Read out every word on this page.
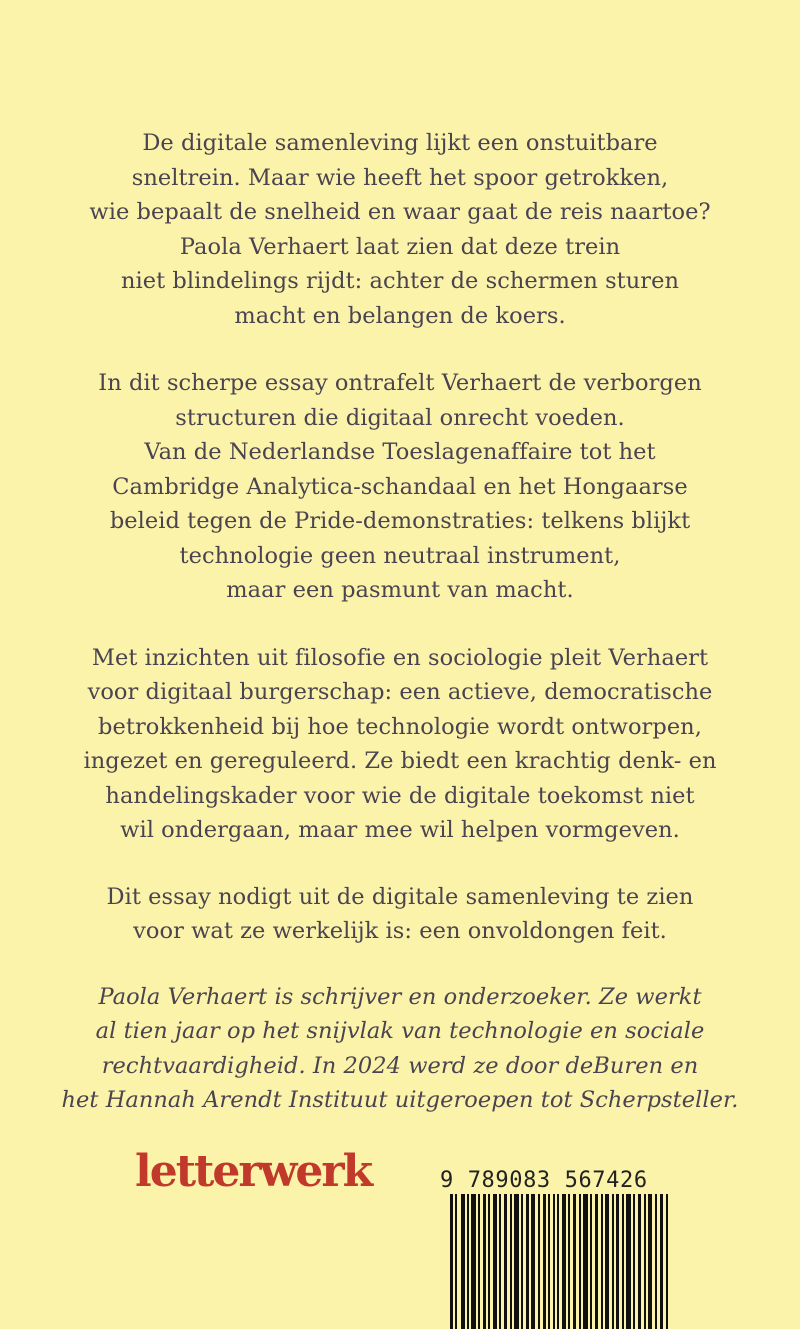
De digitale samenleving lijkt een onstuitbare
sneltrein. Maar wie heeft het spoor getrokken,
wie bepaalt de snelheid en waar gaat de reis naartoe?
Paola Verhaert laat zien dat deze trein
niet blindelings rijdt: achter de schermen sturen
macht en belangen de koers.
In dit scherpe essay ontrafelt Verhaert de verborgen
structuren die digitaal onrecht voeden.
Van de Nederlandse Toeslagenaffaire tot het
Cambridge Analytica-schandaal en het Hongaarse
beleid tegen de Pride-demonstraties: telkens blijkt
technologie geen neutraal instrument,
maar een pasmunt van macht.
Met inzichten uit filosofie en sociologie pleit Verhaert
voor digitaal burgerschap: een actieve, democratische
betrokkenheid bij hoe technologie wordt ontworpen,
ingezet en gereguleerd. Ze biedt een krachtig denk- en
handelingskader voor wie de digitale toekomst niet
wil ondergaan, maar mee wil helpen vormgeven.
Dit essay nodigt uit de digitale samenleving te zien
voor wat ze werkelijk is: een onvoldongen feit.
Paola Verhaert is schrijver en onderzoeker. Ze werkt
al tien jaar op het snijvlak van technologie en sociale
rechtvaardigheid. In 2024 werd ze door deBuren en
het Hannah Arendt Instituut uitgeroepen tot Scherpsteller.
letterwerk	9 789083 567426
